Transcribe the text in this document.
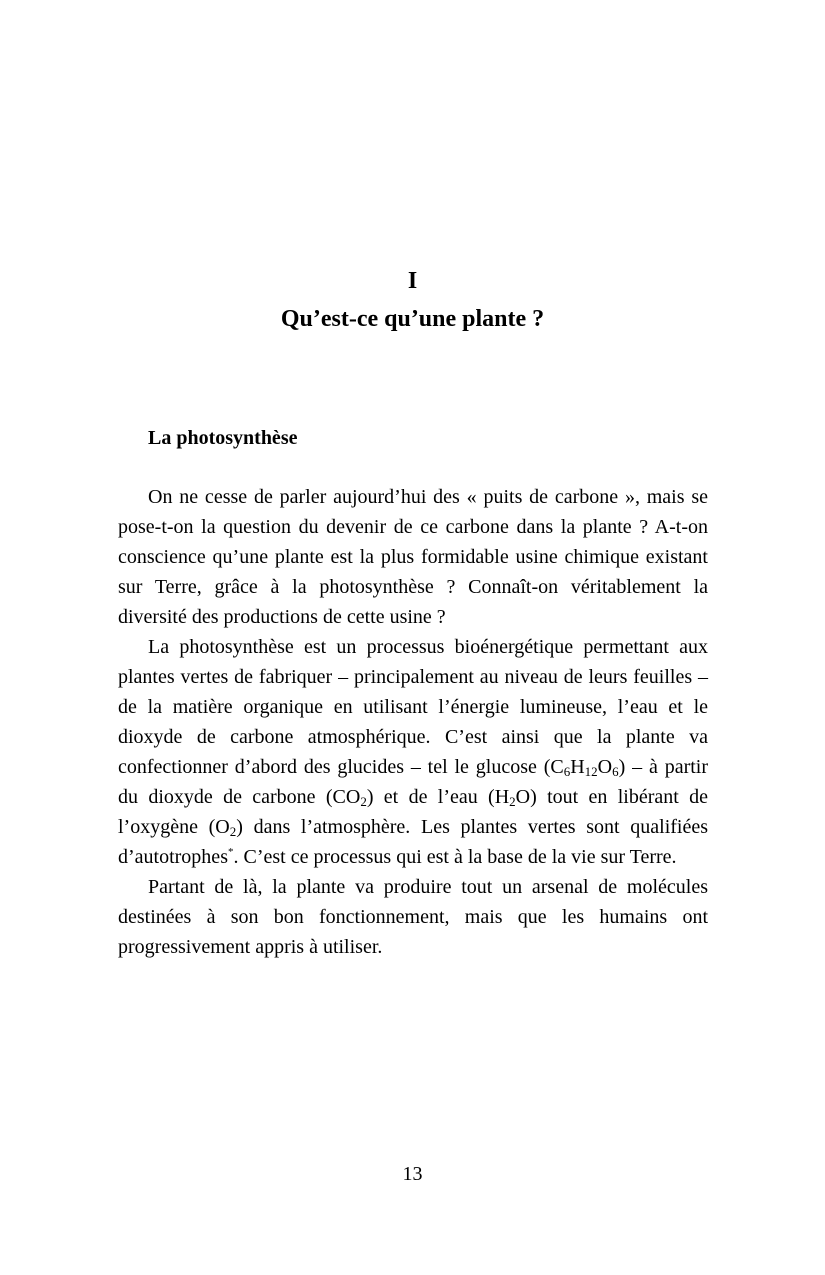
I
Qu’est-ce qu’une plante ?
La photosynthèse

On ne cesse de parler aujourd’hui des « puits de carbone », mais se pose-t-on la question du devenir de ce carbone dans la plante ? A-t-on conscience qu’une plante est la plus formidable usine chimique existant sur Terre, grâce à la photosynthèse ? Connaît-on véritablement la diversité des productions de cette usine ?

La photosynthèse est un processus bioénergétique permettant aux plantes vertes de fabriquer – principalement au niveau de leurs feuilles – de la matière organique en utilisant l’énergie lumineuse, l’eau et le dioxyde de carbone atmosphérique. C’est ainsi que la plante va confectionner d’abord des glucides – tel le glucose $(C_6H_{12}O_6)$ – à partir du dioxyde de carbone $(CO_2)$ et de l’eau $(H_2O)$ tout en libérant de l’oxygène $(O_2)$ dans l’atmosphère. Les plantes vertes sont qualifiées d’autotrophes*. C’est ce processus qui est à la base de la vie sur Terre.

Partant de là, la plante va produire tout un arsenal de molécules destinées à son bon fonctionnement, mais que les humains ont progressivement appris à utiliser.

13
